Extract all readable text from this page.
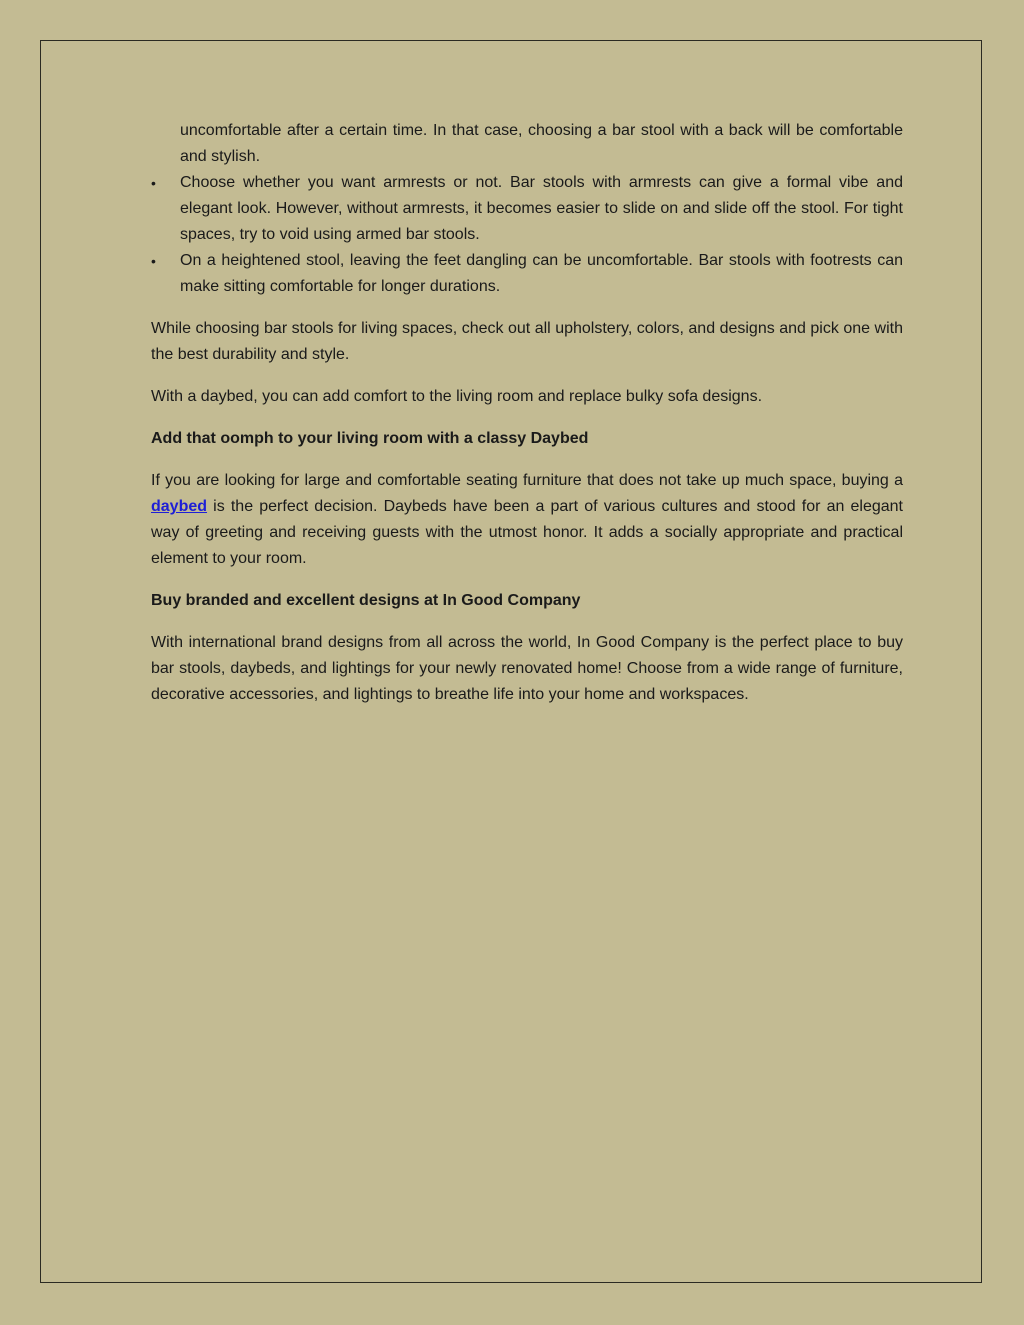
uncomfortable after a certain time. In that case, choosing a bar stool with a back will be comfortable and stylish.
•	Choose whether you want armrests or not. Bar stools with armrests can give a formal vibe and elegant look. However, without armrests, it becomes easier to slide on and slide off the stool. For tight spaces, try to void using armed bar stools.
•	On a heightened stool, leaving the feet dangling can be uncomfortable. Bar stools with footrests can make sitting comfortable for longer durations.

While choosing bar stools for living spaces, check out all upholstery, colors, and designs and pick one with the best durability and style.

With a daybed, you can add comfort to the living room and replace bulky sofa designs.

Add that oomph to your living room with a classy Daybed

If you are looking for large and comfortable seating furniture that does not take up much space, buying a daybed is the perfect decision. Daybeds have been a part of various cultures and stood for an elegant way of greeting and receiving guests with the utmost honor. It adds a socially appropriate and practical element to your room.

Buy branded and excellent designs at In Good Company

With international brand designs from all across the world, In Good Company is the perfect place to buy bar stools, daybeds, and lightings for your newly renovated home! Choose from a wide range of furniture, decorative accessories, and lightings to breathe life into your home and workspaces.
